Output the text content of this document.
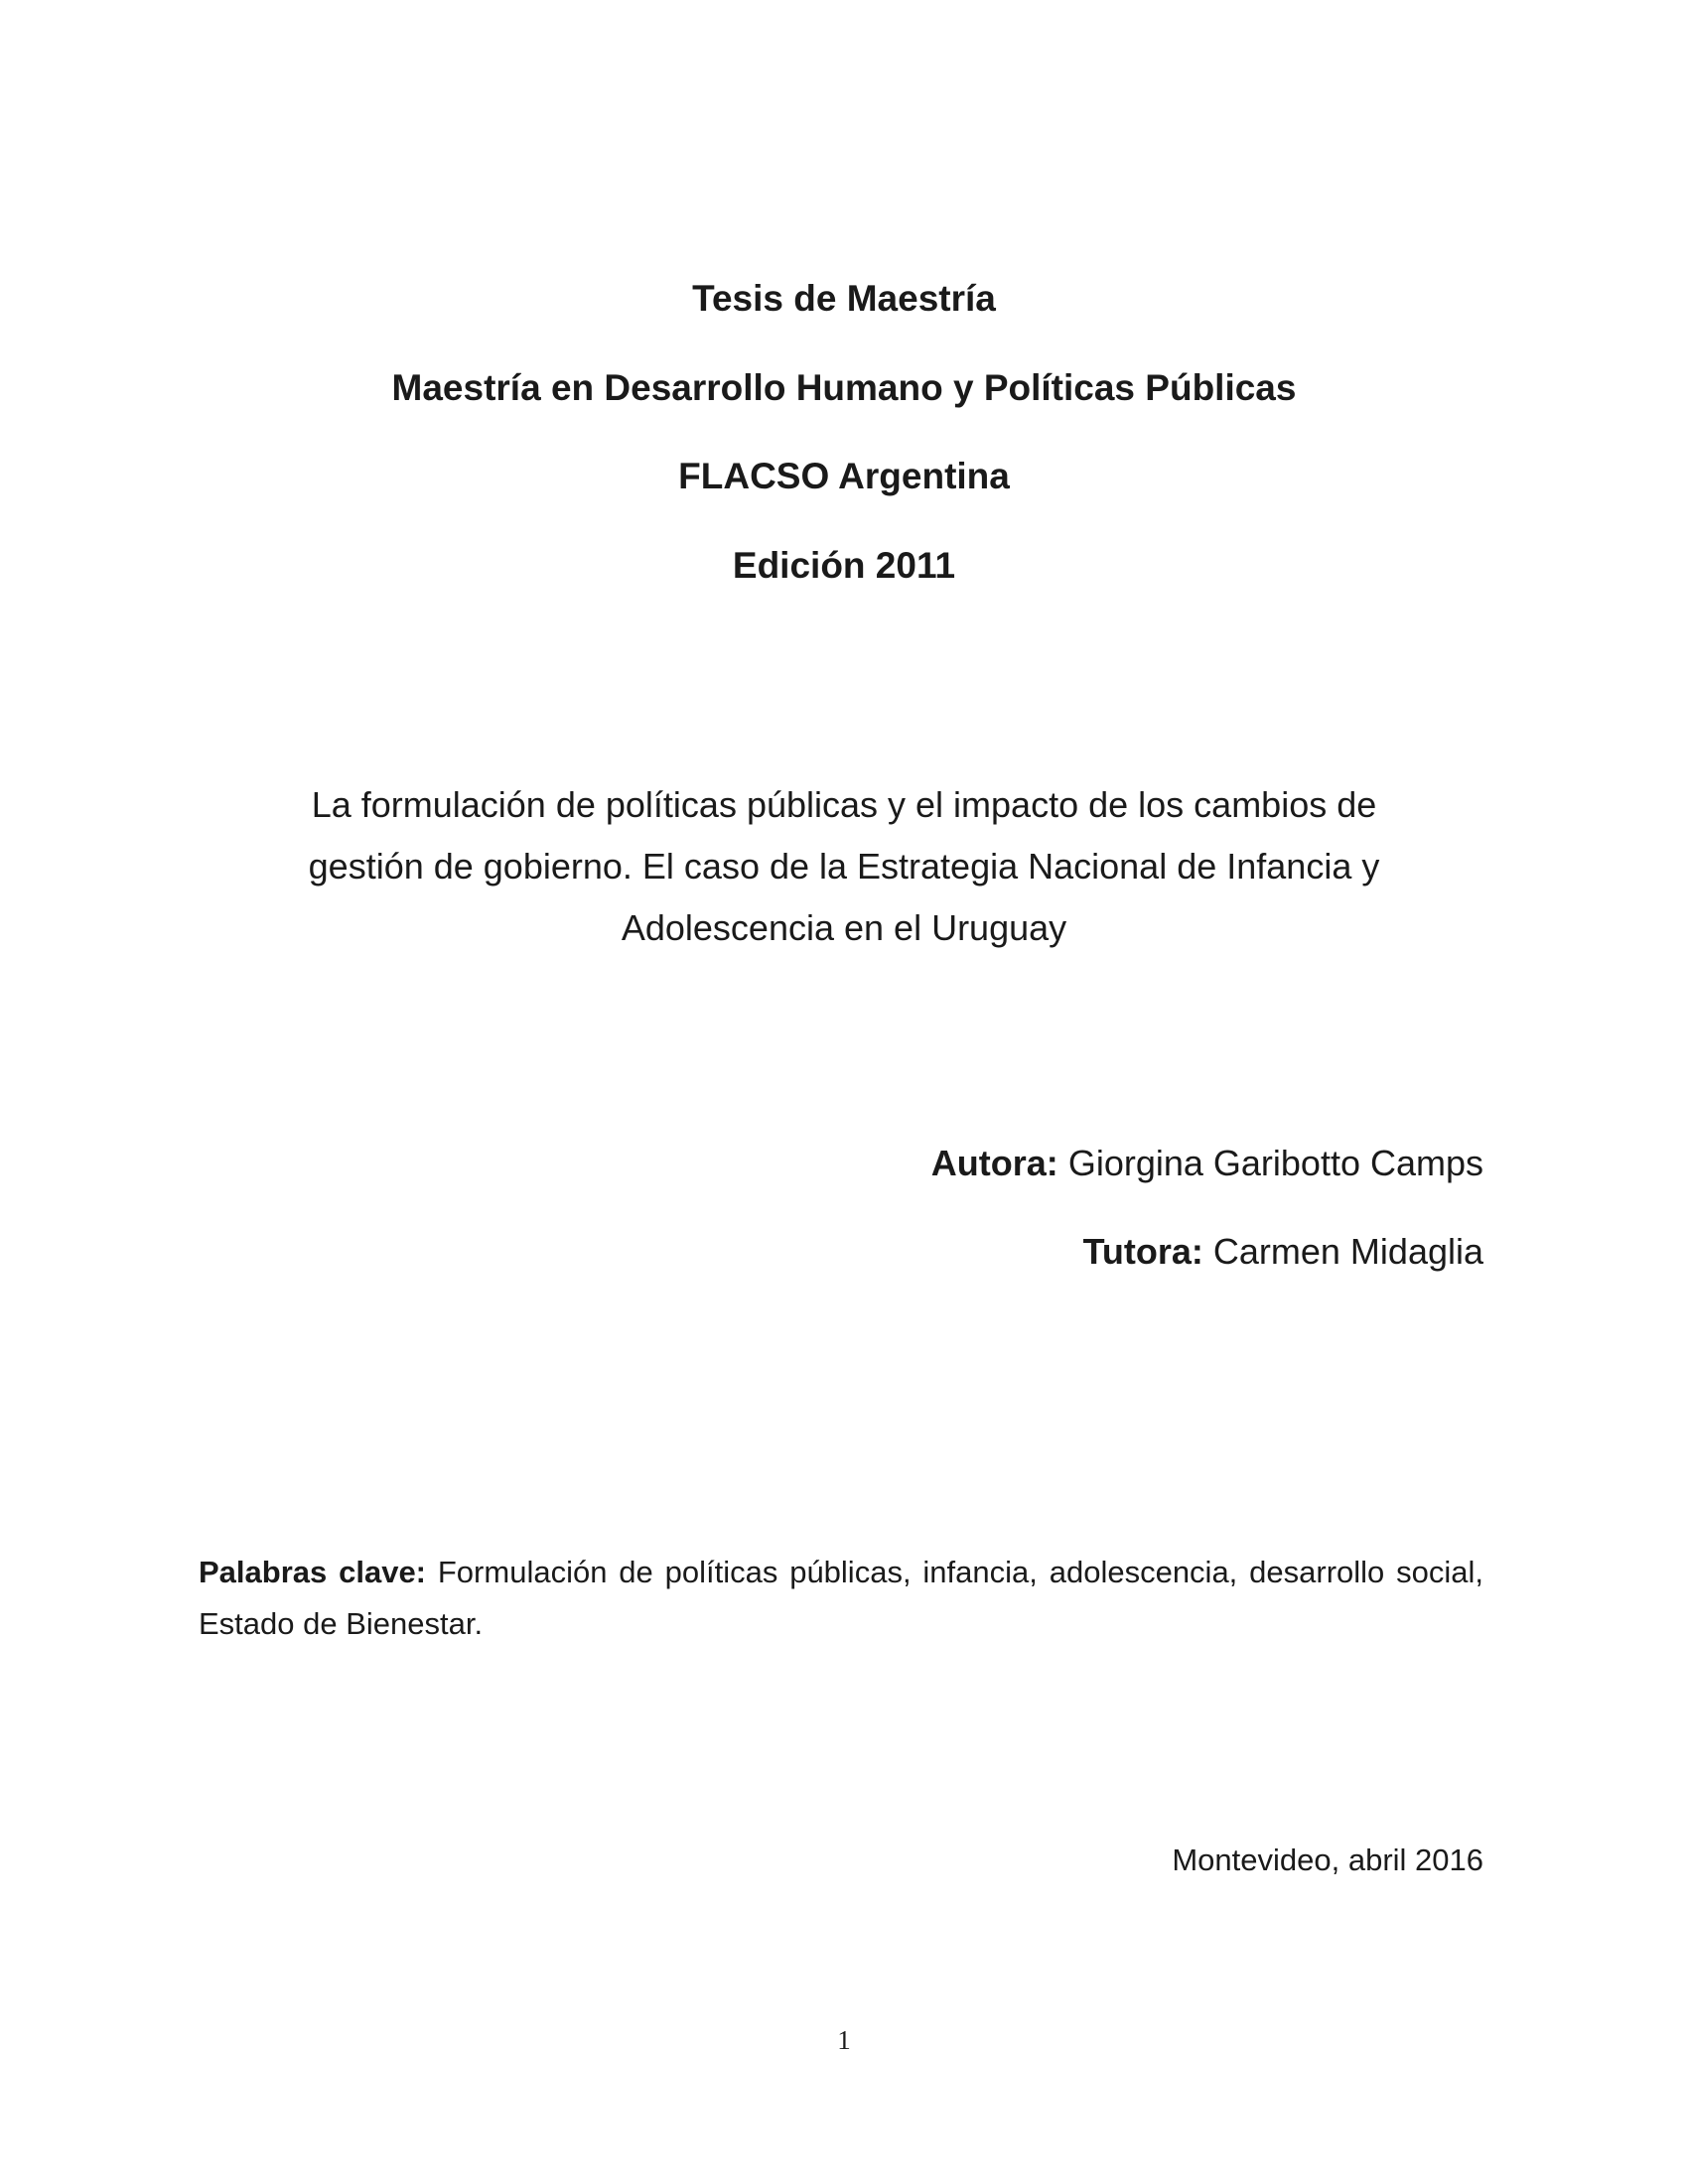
Tesis de Maestría
Maestría en Desarrollo Humano y Políticas Públicas
FLACSO Argentina
Edición 2011
La formulación de políticas públicas y el impacto de los cambios de
gestión de gobierno. El caso de la Estrategia Nacional de Infancia y
Adolescencia en el Uruguay
Autora: Giorgina Garibotto Camps
Tutora: Carmen Midaglia

Palabras clave: Formulación de políticas públicas, infancia, adolescencia, desarrollo social, Estado de Bienestar.

Montevideo, abril 2016
1
